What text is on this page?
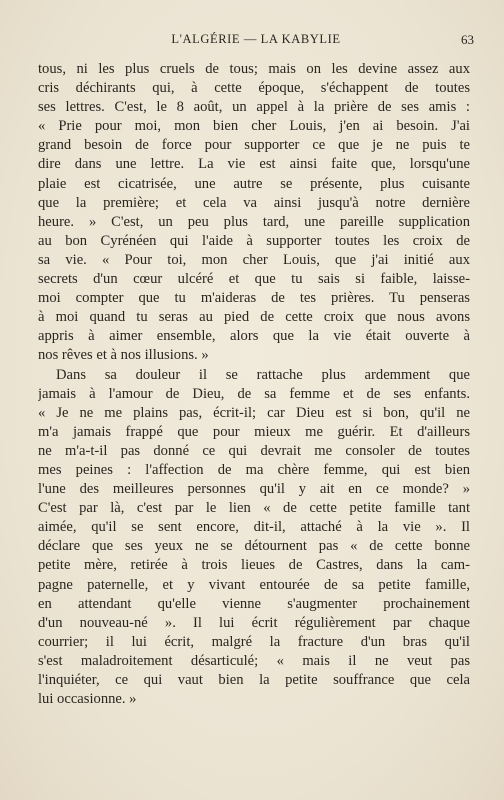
L'ALGÉRIE — LA KABYLIE	63
tous, ni les plus cruels de tous; mais on les devine assez aux
cris déchirants qui, à cette époque, s'échappent de toutes
ses lettres. C'est, le 8 août, un appel à la prière de ses amis :
« Prie pour moi, mon bien cher Louis, j'en ai besoin. J'ai
grand besoin de force pour supporter ce que je ne puis te
dire dans une lettre. La vie est ainsi faite que, lorsqu'une
plaie est cicatrisée, une autre se présente, plus cuisante
que la première; et cela va ainsi jusqu'à notre dernière
heure. » C'est, un peu plus tard, une pareille supplication
au bon Cyrénéen qui l'aide à supporter toutes les croix de
sa vie. « Pour toi, mon cher Louis, que j'ai initié aux
secrets d'un cœur ulcéré et que tu sais si faible, laisse-
moi compter que tu m'aideras de tes prières. Tu penseras
à moi quand tu seras au pied de cette croix que nous avons
appris à aimer ensemble, alors que la vie était ouverte à
nos rêves et à nos illusions. »
Dans sa douleur il se rattache plus ardemment que
jamais à l'amour de Dieu, de sa femme et de ses enfants.
« Je ne me plains pas, écrit-il; car Dieu est si bon, qu'il ne
m'a jamais frappé que pour mieux me guérir. Et d'ailleurs
ne m'a-t-il pas donné ce qui devrait me consoler de toutes
mes peines : l'affection de ma chère femme, qui est bien
l'une des meilleures personnes qu'il y ait en ce monde? »
C'est par là, c'est par le lien « de cette petite famille tant
aimée, qu'il se sent encore, dit-il, attaché à la vie ». Il
déclare que ses yeux ne se détournent pas « de cette bonne
petite mère, retirée à trois lieues de Castres, dans la cam-
pagne paternelle, et y vivant entourée de sa petite famille,
en attendant qu'elle vienne s'augmenter prochainement
d'un nouveau-né ». Il lui écrit régulièrement par chaque
courrier; il lui écrit, malgré la fracture d'un bras qu'il
s'est maladroitement désarticulé; « mais il ne veut pas
l'inquiéter, ce qui vaut bien la petite souffrance que cela
lui occasionne. »
